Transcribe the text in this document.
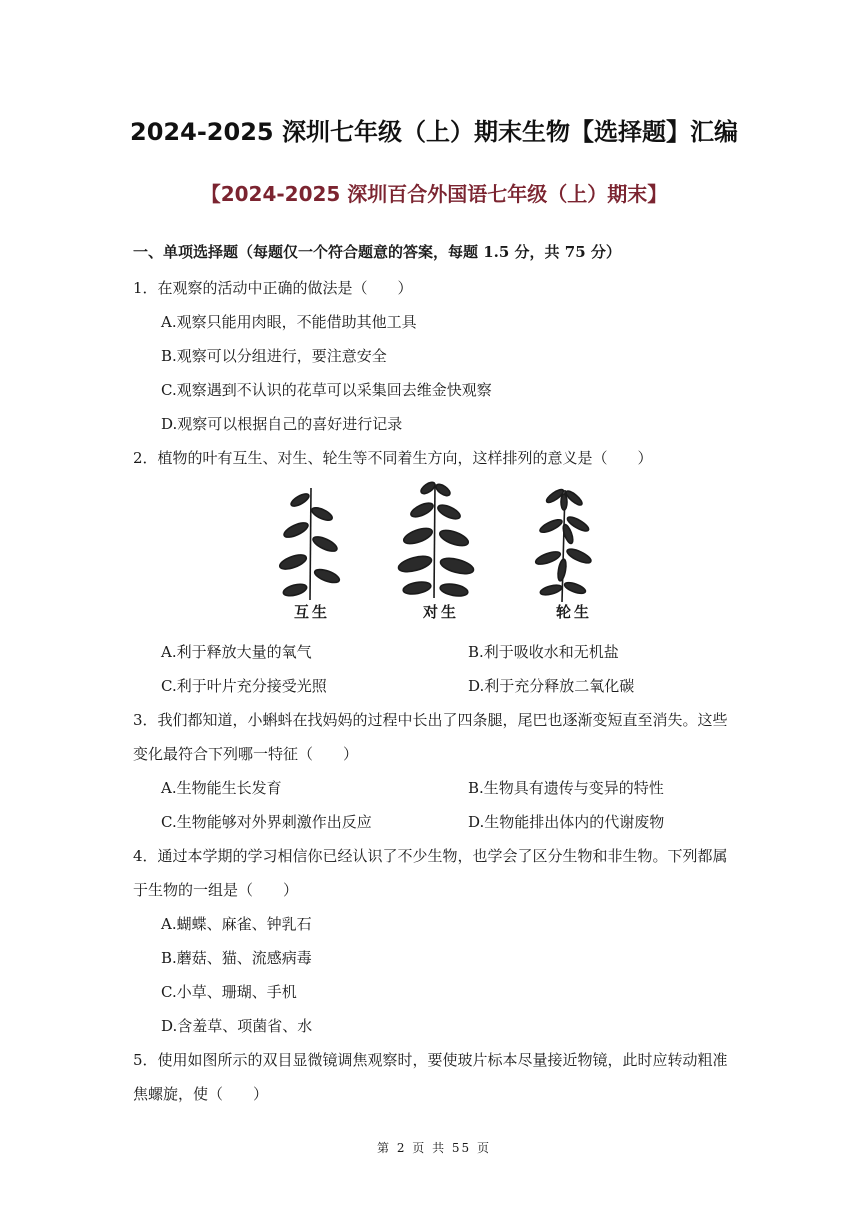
2024-2025 深圳七年级（上）期末生物【选择题】汇编
【2024-2025 深圳百合外国语七年级（上）期末】
一、单项选择题（每题仅一个符合题意的答案，每题 1.5 分，共 75 分）
1．在观察的活动中正确的做法是（　　）
A.观察只能用肉眼，不能借助其他工具
B.观察可以分组进行，要注意安全
C.观察遇到不认识的花草可以采集回去维金快观察
D.观察可以根据自己的喜好进行记录
2．植物的叶有互生、对生、轮生等不同着生方向，这样排列的意义是（　　）
互生	对生	轮生
A.利于释放大量的氧气	B.利于吸收水和无机盐
C.利于叶片充分接受光照	D.利于充分释放二氧化碳
3．我们都知道，小蝌蚪在找妈妈的过程中长出了四条腿，尾巴也逐渐变短直至消失。这些
变化最符合下列哪一特征（　　）
A.生物能生长发育	B.生物具有遗传与变异的特性
C.生物能够对外界刺激作出反应	D.生物能排出体内的代谢废物
4．通过本学期的学习相信你已经认识了不少生物，也学会了区分生物和非生物。下列都属
于生物的一组是（　　）
A.蝴蝶、麻雀、钟乳石
B.蘑菇、猫、流感病毒
C.小草、珊瑚、手机
D.含羞草、项菌省、水
5．使用如图所示的双目显微镜调焦观察时，要使玻片标本尽量接近物镜，此时应转动粗准
焦螺旋，使（　　）
第 2 页 共 55 页
